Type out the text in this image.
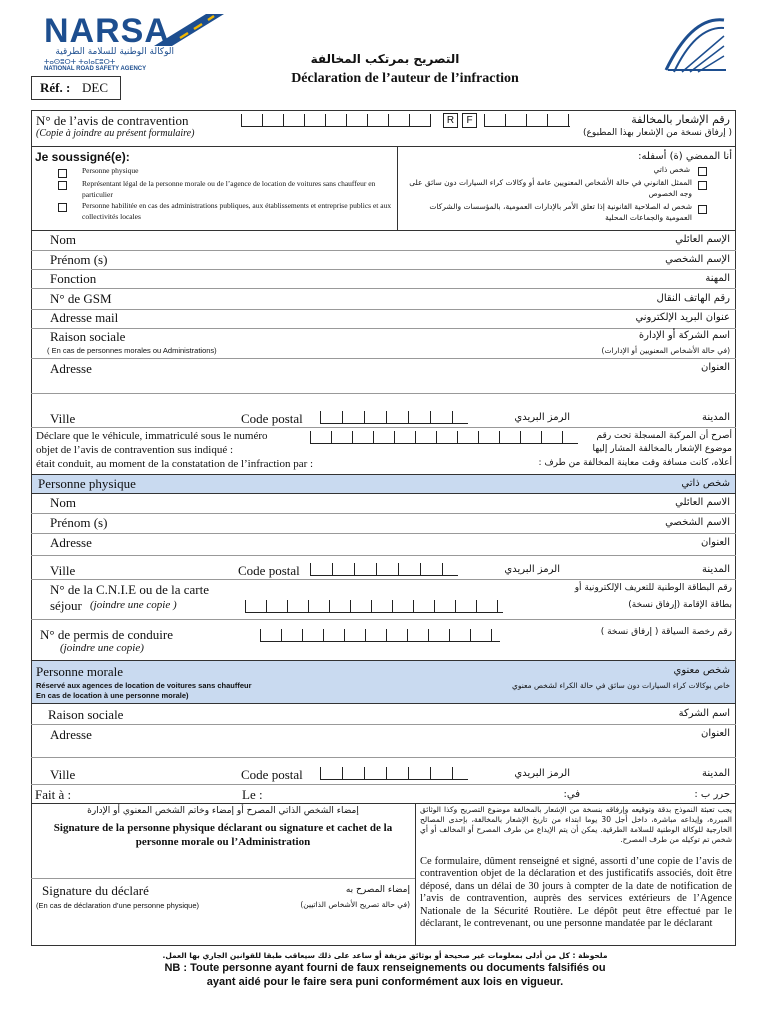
NARSA
الوكالة الوطنية للسلامة الطرقية
ⵜⴰⵙⵓⵔⵜ ⵜⴰⵏⴰⵎⵓⵔⵜ
NATIONAL ROAD SAFETY AGENCY
التصريح بمرتكب المخالفة
Déclaration de l’auteur de l’infraction
Réf. : DEC
N° de l’avis de contravention
(Copie à joindre au présent formulaire)
R	F	رقم الإشعار بالمخالفة
( إرفاق نسخة من الإشعار بهذا المطبوع)
Je soussigné(e):
Personne physique
Représentant légal de la personne morale ou de l’agence de location de voitures sans chauffeur en particulier
Personne habilitée en cas des administrations publiques, aux établissements et entreprise publics et aux collectivités locales
أنا الممضي (ة) أسفله:
شخص ذاتي
الممثل القانوني في حالة الأشخاص المعنويين عامة أو وكالات كراء السيارات دون سائق على وجه الخصوص
شخص له الصلاحية القانونية إذا تعلق الأمر بالإدارات العمومية، بالمؤسسات والشركات العمومية والجماعات المحلية
Nom	الإسم العائلي
Prénom (s)	الإسم الشخصي
Fonction	المهنة
N° de GSM	رقم الهاتف النقال
Adresse mail	عنوان البريد الإلكتروني
Raison sociale
( En cas de personnes morales ou Administrations)
اسم الشركة أو الإدارة
(في حالة الأشخاص المعنويين أو الإدارات)
Adresse	العنوان
Ville	Code postal	الرمز البريدي	المدينة
Déclare que le véhicule, immatriculé sous le numéro
objet de l’avis de contravention sus indiqué :
était conduit, au moment de la constatation de l’infraction par :
أصرح أن المركبة المسجلة تحت رقم
موضوع الإشعار بالمخالفة المشار إليها
أعلاه، كانت مسافة وقت معاينة المخالفة من طرف :
Personne physique	شخص ذاتي
Nom	الاسم العائلي
Prénom (s)	الاسم الشخصي
Adresse	العنوان
Ville	Code postal	الرمز البريدي	المدينة
N° de la C.N.I.E ou de la carte
séjour (joindre une copie )
رقم البطاقة الوطنية للتعريف الإلكترونية أو
بطاقة الإقامة (إرفاق نسخة)
N° de permis de conduire
(joindre une copie)
رقم رخصة السياقة ( إرفاق نسخة )
Personne morale
Réservé aux agences de location de voitures sans chauffeur
En cas de location à une personne morale)
شخص معنوي
خاص بوكالات كراء السيارات دون سائق في حالة الكراء لشخص معنوي
Raison sociale	اسم الشركة
Adresse	العنوان
Ville	Code postal	الرمز البريدي	المدينة
Fait à :	Le :	في:	حرر ب :
إمضاء الشخص الذاتي المصرح أو إمضاء وخاتم الشخص المعنوي أو الإدارة
Signature de la personne physique déclarant ou signature et cachet de la personne morale ou l’Administration
Signature du déclaré
(En cas de déclaration d’une personne physique)
إمضاء المصرح به
(في حالة تصريح الأشخاص الذاتيين)
يجب تعبئة النموذج بدقة وتوقيعه وإرفاقه بنسخة من الإشعار بالمخالفة موضوع التصريح وكذا الوثائق المبررة، وإيداعه مباشرة، داخل أجل 30 يوما ابتداء من تاريخ الإشعار بالمخالفة، بإحدى المصالح الخارجية للوكالة الوطنية للسلامة الطرقية. يمكن أن يتم الإيداع من طرف المصرح أو المخالف أو أي شخص تم توكيله من طرف المصرح.
Ce formulaire, dûment renseigné et signé, assorti d’une copie de l’avis de contravention objet de la déclaration et des justificatifs associés, doit être déposé, dans un délai de 30 jours à compter de la date de notification de l’avis de contravention, auprès des services extérieurs de l’Agence Nationale de la Sécurité Routière. Le dépôt peut être effectué par le déclarant, le contrevenant, ou une personne mandatée par le déclarant
ملحوظة : كل من أدلى بمعلومات غير صحيحة أو بوثائق مزيفة أو ساعد على ذلك سيعاقب طبقا للقوانين الجاري بها العمل.
NB : Toute personne ayant fourni de faux renseignements ou documents falsifiés ou
ayant aidé pour le faire sera puni conformément aux lois en vigueur.
